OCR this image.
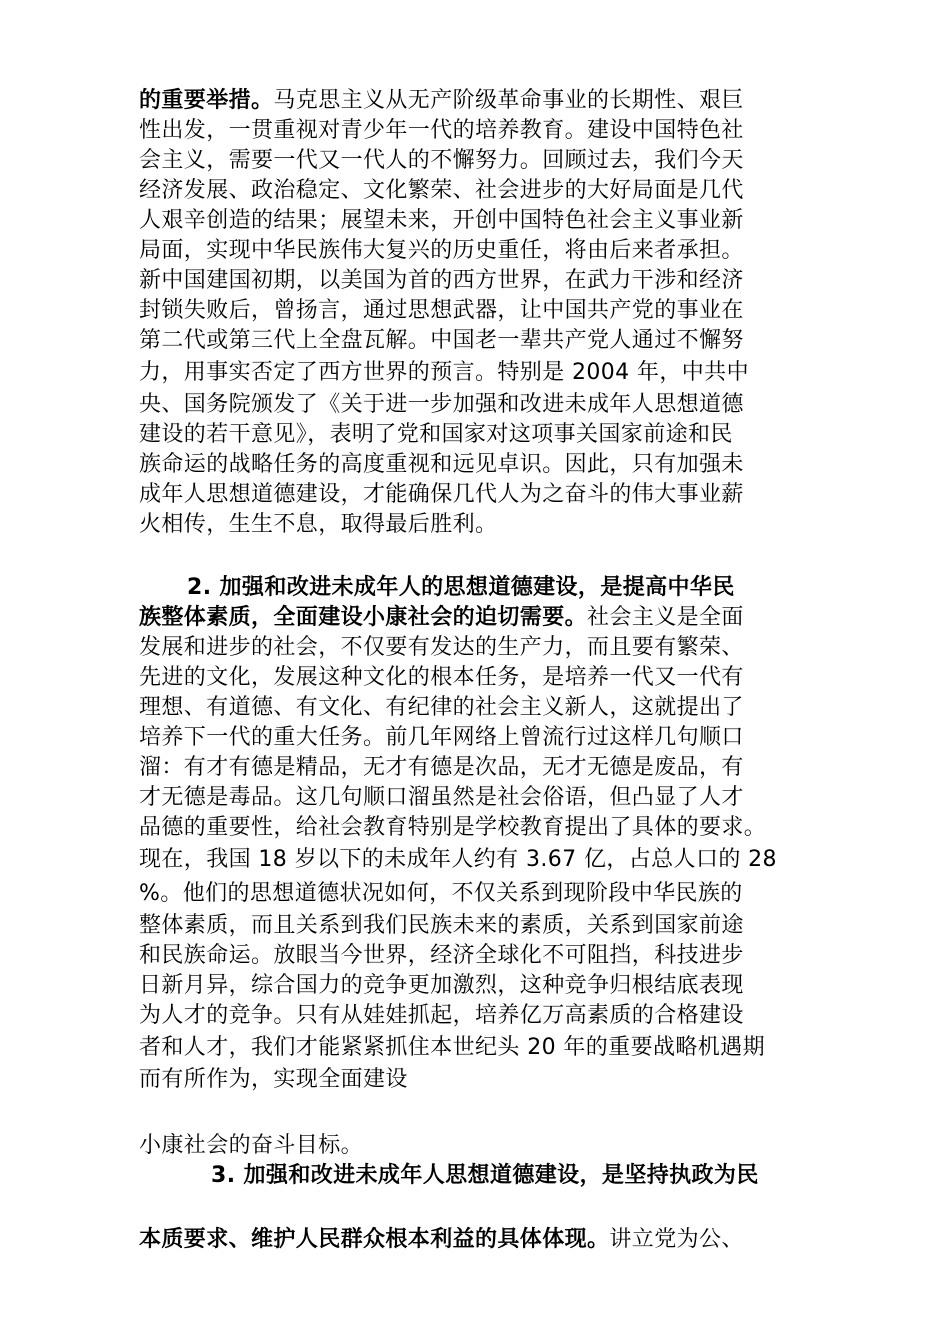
的重要举措。马克思主义从无产阶级革命事业的长期性、艰巨
性出发，一贯重视对青少年一代的培养教育。建设中国特色社
会主义，需要一代又一代人的不懈努力。回顾过去，我们今天
经济发展、政治稳定、文化繁荣、社会进步的大好局面是几代
人艰辛创造的结果；展望未来，开创中国特色社会主义事业新
局面，实现中华民族伟大复兴的历史重任，将由后来者承担。
新中国建国初期，以美国为首的西方世界，在武力干涉和经济
封锁失败后，曾扬言，通过思想武器，让中国共产党的事业在
第二代或第三代上全盘瓦解。中国老一辈共产党人通过不懈努
力，用事实否定了西方世界的预言。特别是 2004 年，中共中
央、国务院颁发了《关于进一步加强和改进未成年人思想道德
建设的若干意见》，表明了党和国家对这项事关国家前途和民
族命运的战略任务的高度重视和远见卓识。因此，只有加强未
成年人思想道德建设，才能确保几代人为之奋斗的伟大事业薪
火相传，生生不息，取得最后胜利。
2. 加强和改进未成年人的思想道德建设，是提高中华民
族整体素质，全面建设小康社会的迫切需要。社会主义是全面
发展和进步的社会，不仅要有发达的生产力，而且要有繁荣、
先进的文化，发展这种文化的根本任务，是培养一代又一代有
理想、有道德、有文化、有纪律的社会主义新人，这就提出了
培养下一代的重大任务。前几年网络上曾流行过这样几句顺口
溜：有才有德是精品，无才有德是次品，无才无德是废品，有
才无德是毒品。这几句顺口溜虽然是社会俗语，但凸显了人才
品德的重要性，给社会教育特别是学校教育提出了具体的要求。
现在，我国 18 岁以下的未成年人约有 3.67 亿，占总人口的 28
%。他们的思想道德状况如何，不仅关系到现阶段中华民族的
整体素质，而且关系到我们民族未来的素质，关系到国家前途
和民族命运。放眼当今世界，经济全球化不可阻挡，科技进步
日新月异，综合国力的竞争更加激烈，这种竞争归根结底表现
为人才的竞争。只有从娃娃抓起，培养亿万高素质的合格建设
者和人才，我们才能紧紧抓住本世纪头 20 年的重要战略机遇期
而有所作为，实现全面建设
小康社会的奋斗目标。
3. 加强和改进未成年人思想道德建设，是坚持执政为民
本质要求、维护人民群众根本利益的具体体现。讲立党为公、
